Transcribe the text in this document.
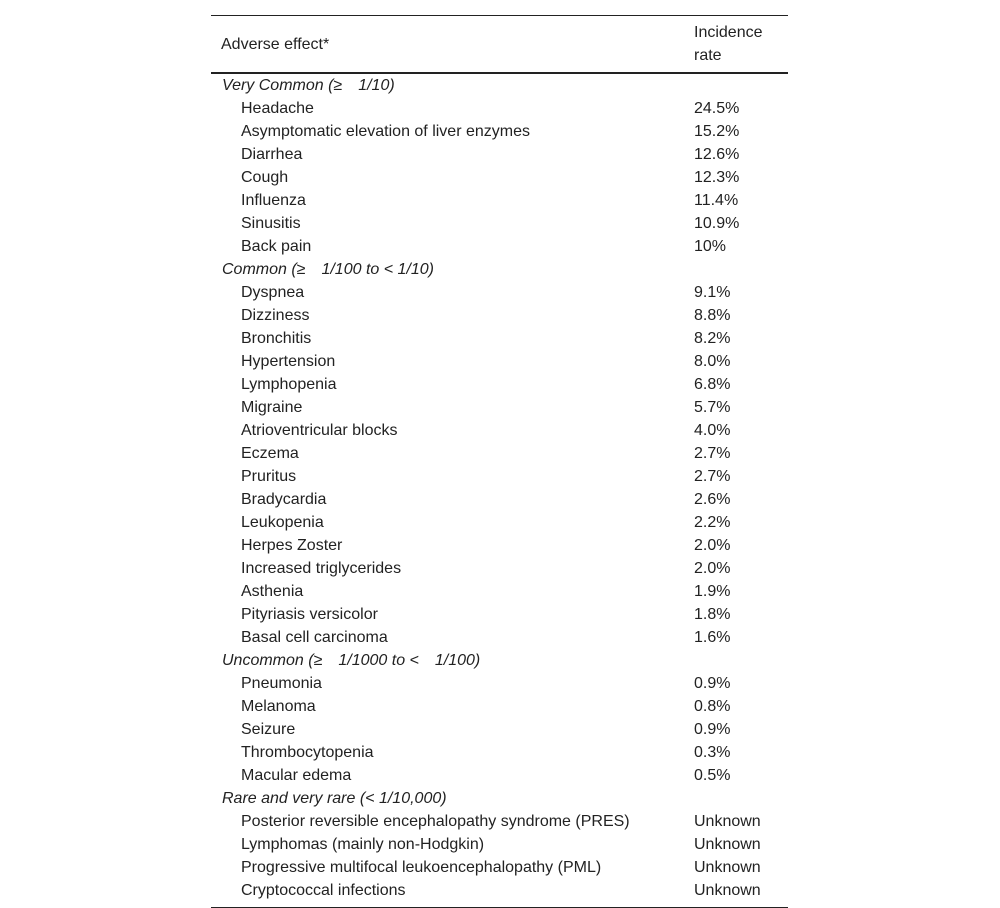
Adverse effect*	Incidence rate
Very Common (≥ 1/10)	
Headache	24.5%
Asymptomatic elevation of liver enzymes	15.2%
Diarrhea	12.6%
Cough	12.3%
Influenza	11.4%
Sinusitis	10.9%
Back pain	10%
Common (≥ 1/100 to < 1/10)	
Dyspnea	9.1%
Dizziness	8.8%
Bronchitis	8.2%
Hypertension	8.0%
Lymphopenia	6.8%
Migraine	5.7%
Atrioventricular blocks	4.0%
Eczema	2.7%
Pruritus	2.7%
Bradycardia	2.6%
Leukopenia	2.2%
Herpes Zoster	2.0%
Increased triglycerides	2.0%
Asthenia	1.9%
Pityriasis versicolor	1.8%
Basal cell carcinoma	1.6%
Uncommon (≥ 1/1000 to < 1/100)	
Pneumonia	0.9%
Melanoma	0.8%
Seizure	0.9%
Thrombocytopenia	0.3%
Macular edema	0.5%
Rare and very rare (< 1/10,000)	
Posterior reversible encephalopathy syndrome (PRES)	Unknown
Lymphomas (mainly non-Hodgkin)	Unknown
Progressive multifocal leukoencephalopathy (PML)	Unknown
Cryptococcal infections	Unknown
